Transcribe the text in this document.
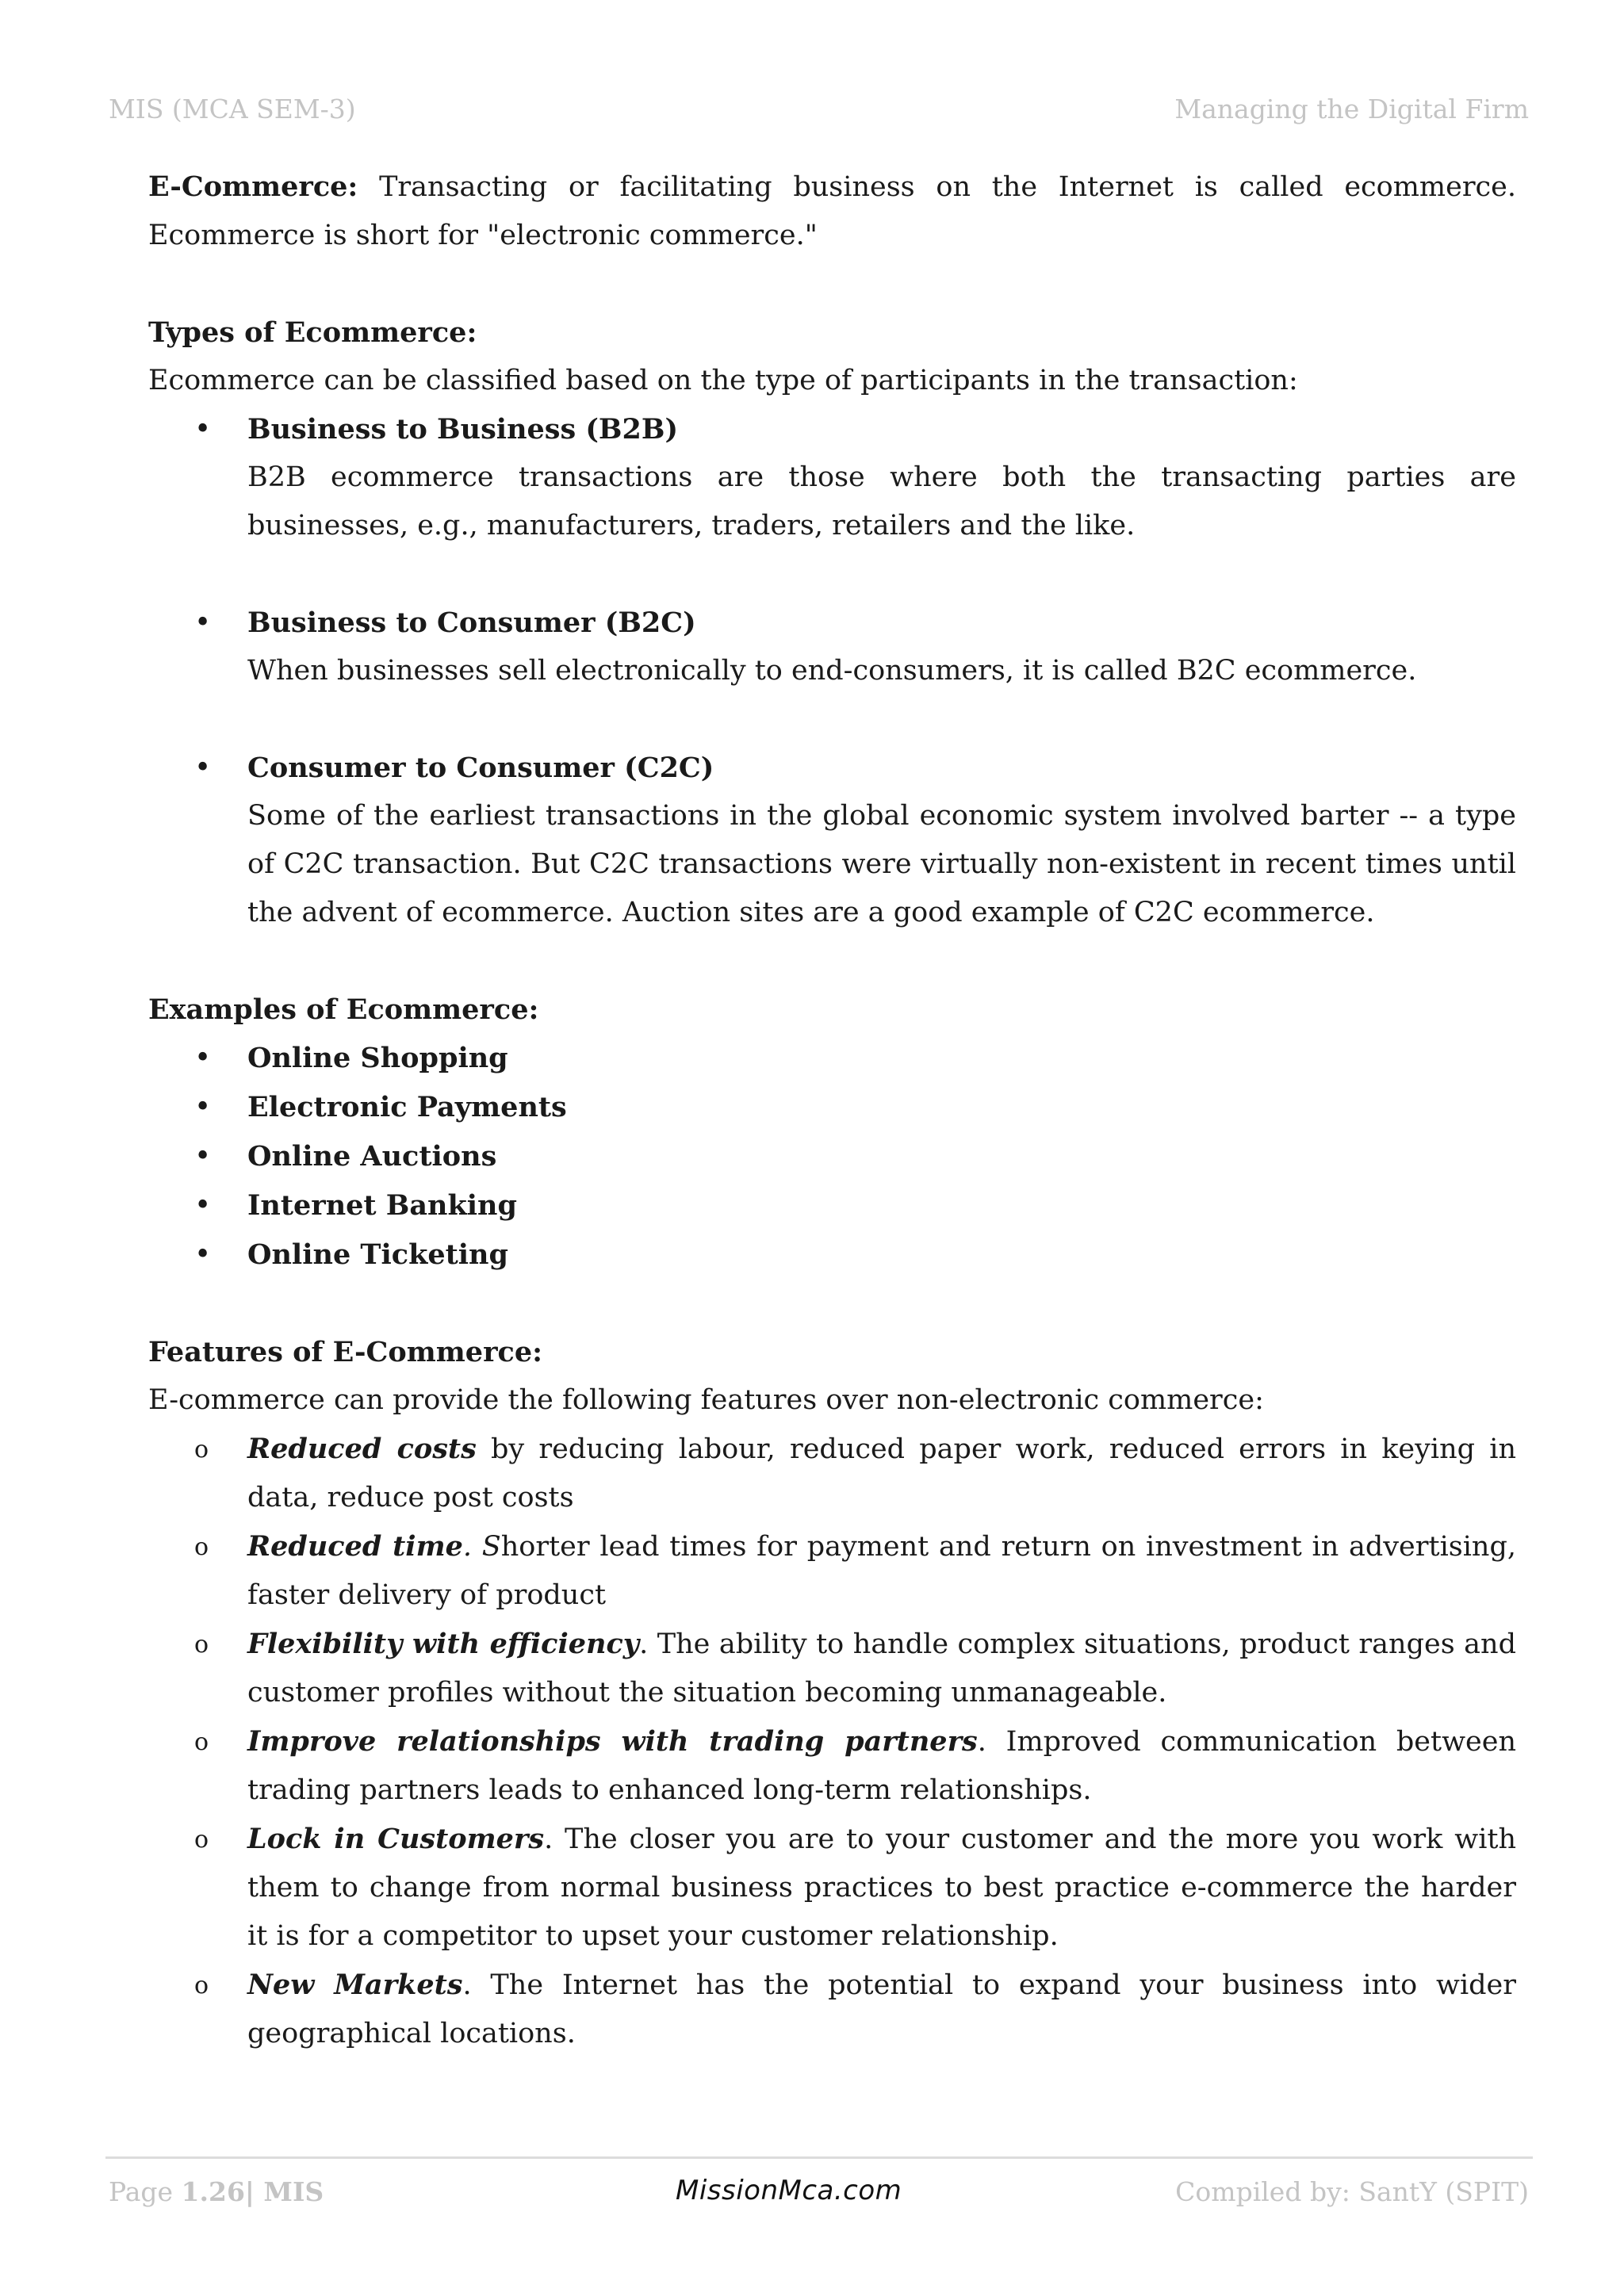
MIS (MCA SEM-3)	Managing the Digital Firm

E-Commerce: Transacting or facilitating business on the Internet is called ecommerce. Ecommerce is short for "electronic commerce."

Types of Ecommerce:

Ecommerce can be classified based on the type of participants in the transaction:

•

Business to Business (B2B)

B2B ecommerce transactions are those where both the transacting parties are businesses, e.g., manufacturers, traders, retailers and the like.

•

Business to Consumer (B2C)

When businesses sell electronically to end-consumers, it is called B2C ecommerce.

•

Consumer to Consumer (C2C)

Some of the earliest transactions in the global economic system involved barter -- a type of C2C transaction. But C2C transactions were virtually non-existent in recent times until the advent of ecommerce. Auction sites are a good example of C2C ecommerce.

Examples of Ecommerce:

•
Online Shopping
•
Electronic Payments
•
Online Auctions
•
Internet Banking
•
Online Ticketing

Features of E-Commerce:

E-commerce can provide the following features over non-electronic commerce:

o
Reduced costs by reducing labour, reduced paper work, reduced errors in keying in data, reduce post costs
o
Reduced time. Shorter lead times for payment and return on investment in advertising, faster delivery of product
o
Flexibility with efficiency. The ability to handle complex situations, product ranges and customer profiles without the situation becoming unmanageable.
o
Improve relationships with trading partners. Improved communication between trading partners leads to enhanced long-term relationships.
o
Lock in Customers. The closer you are to your customer and the more you work with them to change from normal business practices to best practice e-commerce the harder it is for a competitor to upset your customer relationship.
o
New Markets. The Internet has the potential to expand your business into wider geographical locations.
Page 1.26| MIS	MissionMca.com	Compiled by: SantY (SPIT)
